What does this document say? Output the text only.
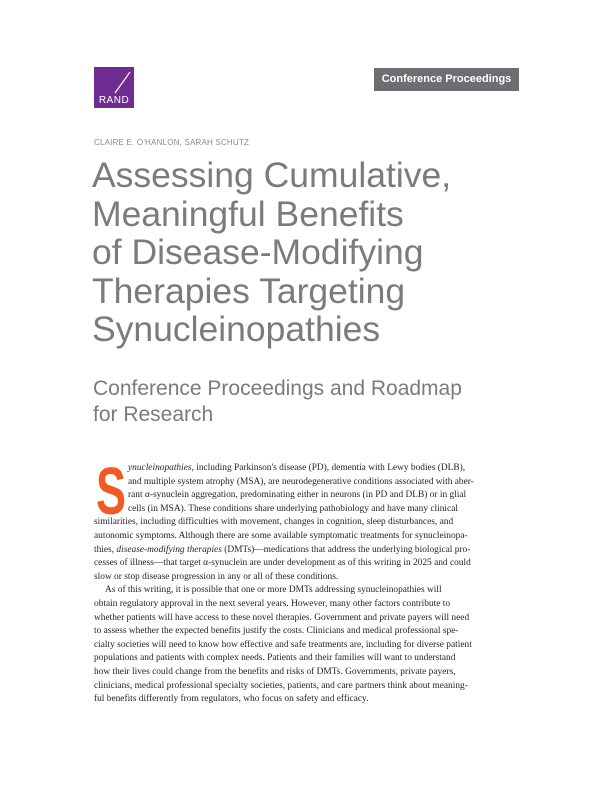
RAND
Conference Proceedings
CLAIRE E. O'HANLON, SARAH SCHUTZ
Assessing Cumulative,
Meaningful Benefits
of Disease-Modifying
Therapies Targeting
Synucleinopathies
Conference Proceedings and Roadmap
for Research
S ynucleinopathies, including Parkinson's disease (PD), dementia with Lewy bodies (DLB),
and multiple system atrophy (MSA), are neurodegenerative conditions associated with aber-
rant α-synuclein aggregation, predominating either in neurons (in PD and DLB) or in glial
cells (in MSA). These conditions share underlying pathobiology and have many clinical
similarities, including difficulties with movement, changes in cognition, sleep disturbances, and
autonomic symptoms. Although there are some available symptomatic treatments for synucleinopa-
thies, disease-modifying therapies (DMTs)—medications that address the underlying biological pro-
cesses of illness—that target α-synuclein are under development as of this writing in 2025 and could
slow or stop disease progression in any or all of these conditions.
As of this writing, it is possible that one or more DMTs addressing synucleinopathies will
obtain regulatory approval in the next several years. However, many other factors contribute to
whether patients will have access to these novel therapies. Government and private payers will need
to assess whether the expected benefits justify the costs. Clinicians and medical professional spe-
cialty societies will need to know how effective and safe treatments are, including for diverse patient
populations and patients with complex needs. Patients and their families will want to understand
how their lives could change from the benefits and risks of DMTs. Governments, private payers,
clinicians, medical professional specialty societies, patients, and care partners think about meaning-
ful benefits differently from regulators, who focus on safety and efficacy.
